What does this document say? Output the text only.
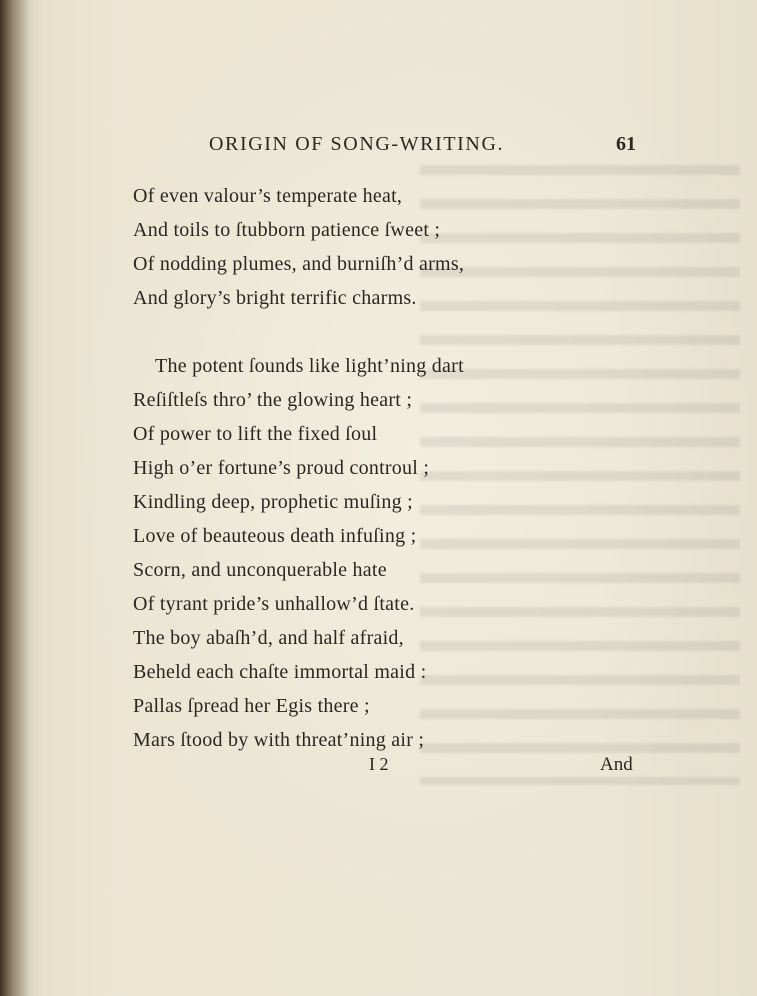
ORIGIN OF SONG-WRITING.	61
Of even valour’s temperate heat,
And toils to ſtubborn patience ſweet ;
Of nodding plumes, and burniſh’d arms,
And glory’s bright terrific charms.
The potent ſounds like light’ning dart
Reſiſtleſs thro’ the glowing heart ;
Of power to lift the fixed ſoul
High o’er fortune’s proud controul ;
Kindling deep, prophetic muſing ;
Love of beauteous death infuſing ;
Scorn, and unconquerable hate
Of tyrant pride’s unhallow’d ſtate.
The boy abaſh’d, and half afraid,
Beheld each chaſte immortal maid :
Pallas ſpread her Egis there ;
Mars ſtood by with threat’ning air ;
I 2	And
